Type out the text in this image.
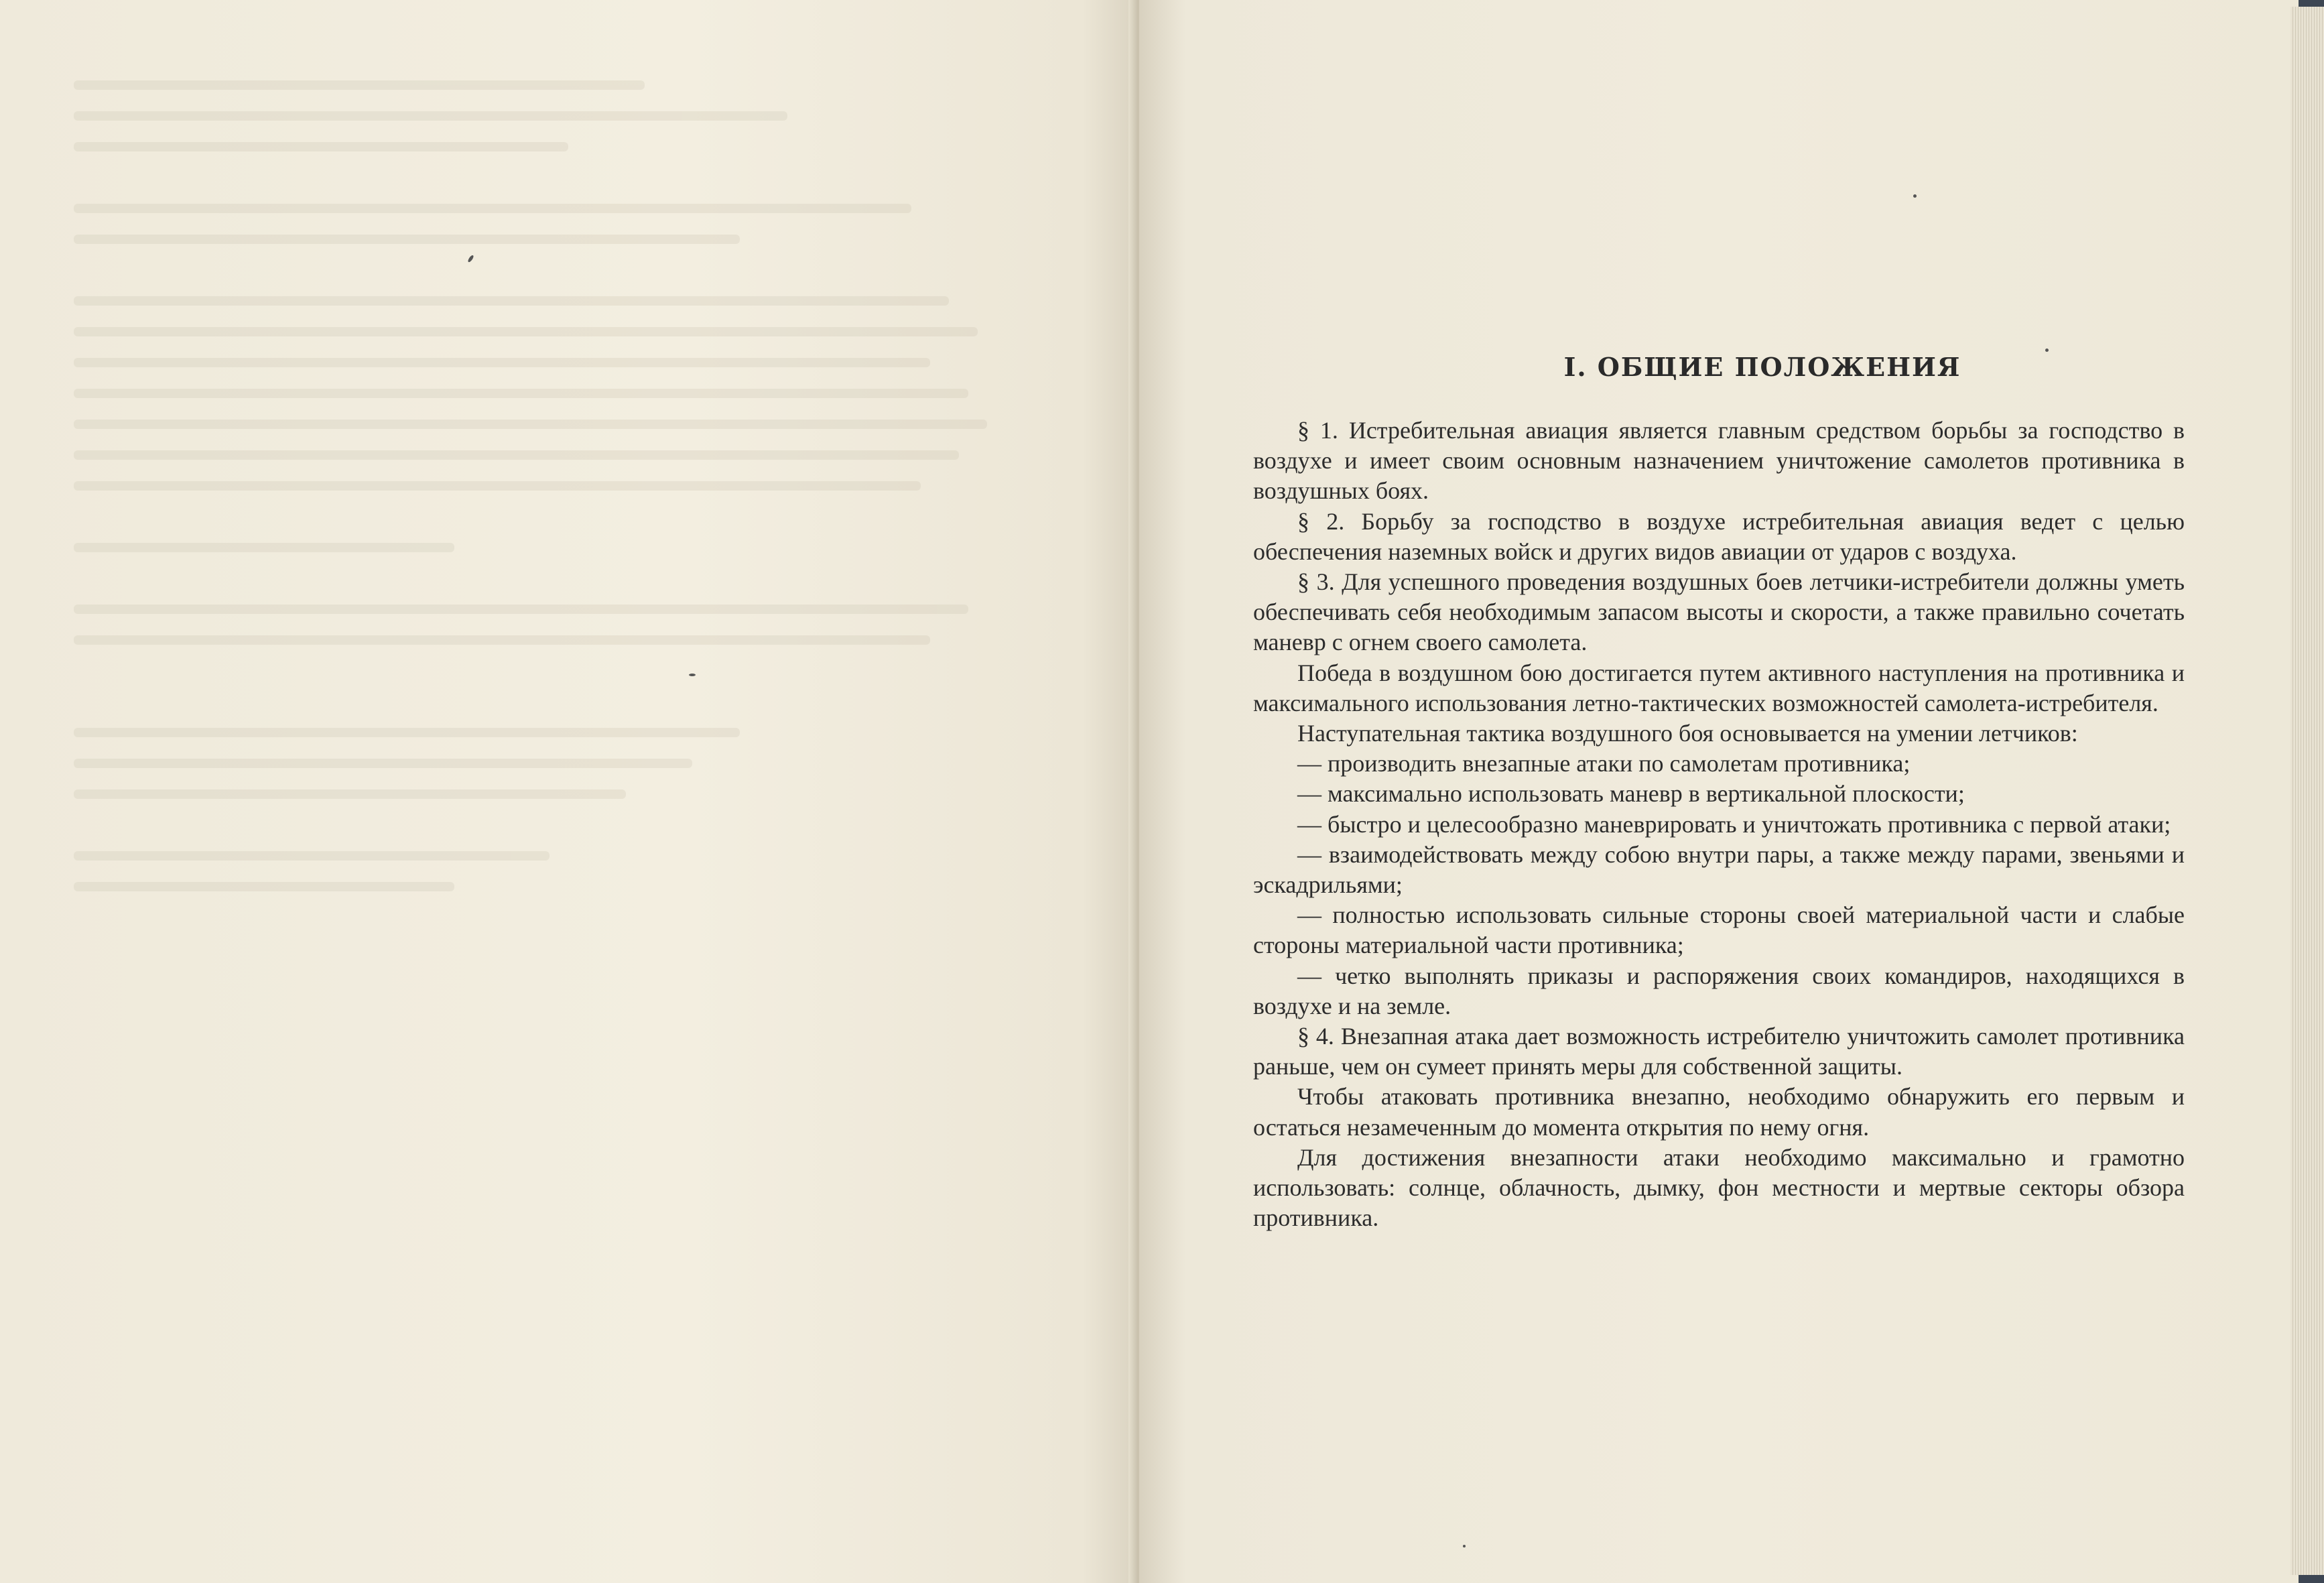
I. ОБЩИЕ ПОЛОЖЕНИЯ

§ 1. Истребительная авиация является главным средством борьбы за господство в воздухе и имеет своим основным назначением уничтожение самолетов противника в воздушных боях.

§ 2. Борьбу за господство в воздухе истребительная авиация ведет с целью обеспечения наземных войск и других видов авиации от ударов с воздуха.

§ 3. Для успешного проведения воздушных боев летчики-истребители должны уметь обеспечивать себя необходимым запасом высоты и скорости, а также правильно сочетать маневр с огнем своего самолета.

Победа в воздушном бою достигается путем активного наступления на противника и максимального использования летно-тактических возможностей самолета-истребителя.

Наступательная тактика воздушного боя основывается на умении летчиков:

— производить внезапные атаки по самолетам противника;

— максимально использовать маневр в вертикальной плоскости;

— быстро и целесообразно маневрировать и уничтожать противника с первой атаки;

— взаимодействовать между собою внутри пары, а также между парами, звеньями и эскадрильями;

— полностью использовать сильные стороны своей материальной части и слабые стороны материальной части противника;

— четко выполнять приказы и распоряжения своих командиров, находящихся в воздухе и на земле.

§ 4. Внезапная атака дает возможность истребителю уничтожить самолет противника раньше, чем он сумеет принять меры для собственной защиты.

Чтобы атаковать противника внезапно, необходимо обнаружить его первым и остаться незамеченным до момента открытия по нему огня.

Для достижения внезапности атаки необходимо максимально и грамотно использовать: солнце, облачность, дымку, фон местности и мертвые секторы обзора противника.
